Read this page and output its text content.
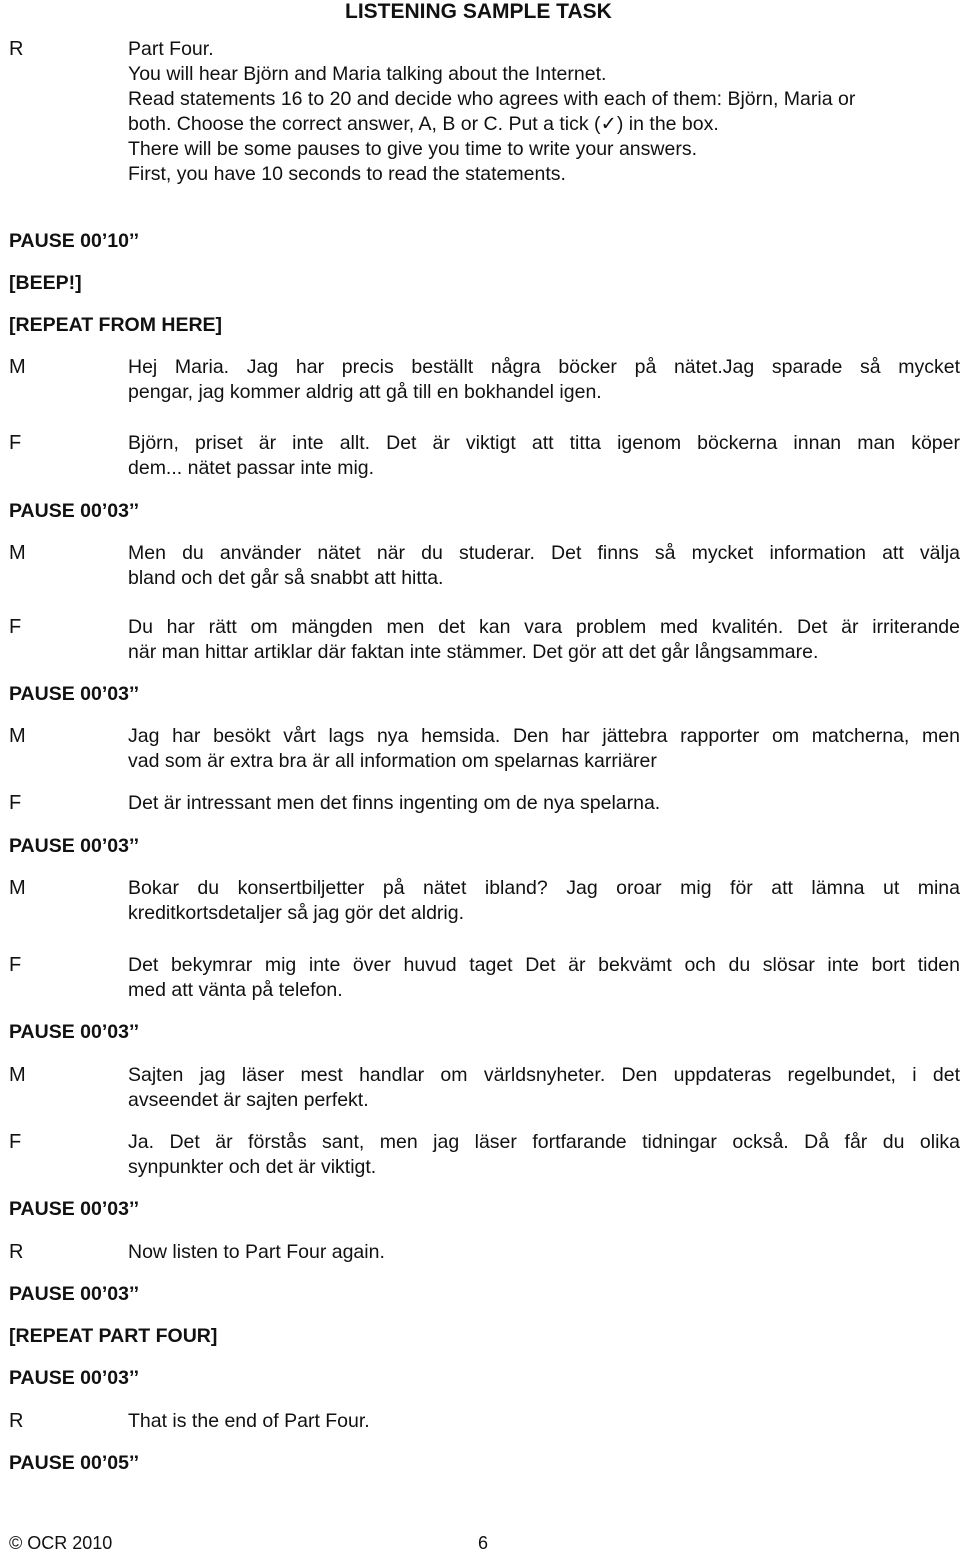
LISTENING SAMPLE TASK
R	Part Four.
You will hear Björn and Maria talking about the Internet.
Read statements 16 to 20 and decide who agrees with each of them: Björn, Maria or
both. Choose the correct answer, A, B or C. Put a tick (✓) in the box.
There will be some pauses to give you time to write your answers.
First, you have 10 seconds to read the statements.
PAUSE 00’10’’
[BEEP!]
[REPEAT FROM HERE]
M	Hej Maria. Jag har precis beställt några böcker på nätet.Jag sparade så mycket
pengar, jag kommer aldrig att gå till en bokhandel igen.
F	Björn, priset är inte allt. Det är viktigt att titta igenom böckerna innan man köper
dem... nätet passar inte mig.
PAUSE 00’03’’
M	Men du använder nätet när du studerar. Det finns så mycket information att välja
bland och det går så snabbt att hitta.
F	Du har rätt om mängden men det kan vara problem med kvalitén. Det är irriterande
när man hittar artiklar där faktan inte stämmer. Det gör att det går långsammare.
PAUSE 00’03’’
M	Jag har besökt vårt lags nya hemsida. Den har jättebra rapporter om matcherna, men
vad som är extra bra är all information om spelarnas karriärer
F	Det är intressant men det finns ingenting om de nya spelarna.
PAUSE 00’03’’
M	Bokar du konsertbiljetter på nätet ibland? Jag oroar mig för att lämna ut mina
kreditkortsdetaljer så jag gör det aldrig.
F	Det bekymrar mig inte över huvud taget Det är bekvämt och du slösar inte bort tiden
med att vänta på telefon.
PAUSE 00’03’’
M	Sajten jag läser mest handlar om världsnyheter. Den uppdateras regelbundet, i det
avseendet är sajten perfekt.
F	Ja. Det är förstås sant, men jag läser fortfarande tidningar också. Då får du olika
synpunkter och det är viktigt.
PAUSE 00’03’’
R	Now listen to Part Four again.
PAUSE 00’03’’
[REPEAT PART FOUR]
PAUSE 00’03’’
R	That is the end of Part Four.
PAUSE 00’05’’
© OCR 2010	6
